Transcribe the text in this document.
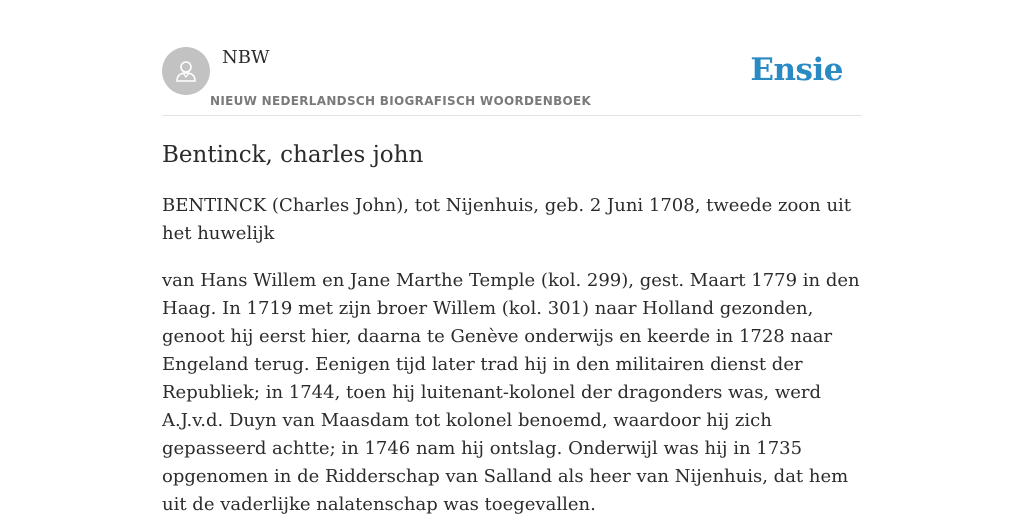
NBW
NIEUW NEDERLANDSCH BIOGRAFISCH WOORDENBOEK
Ensie
Bentinck, charles john

BENTINCK (Charles John), tot Nijenhuis, geb. 2 Juni 1708, tweede zoon uit het huwelijk

van Hans Willem en Jane Marthe Temple (kol. 299), gest. Maart 1779 in den Haag. In 1719 met zijn broer Willem (kol. 301) naar Holland gezonden, genoot hij eerst hier, daarna te Genève onderwijs en keerde in 1728 naar Engeland terug. Eenigen tijd later trad hij in den militairen dienst der Republiek; in 1744, toen hij luitenant-kolonel der dragonders was, werd A.J.v.d. Duyn van Maasdam tot kolonel benoemd, waardoor hij zich gepasseerd achtte; in 1746 nam hij ontslag. Onderwijl was hij in 1735 opgenomen in de Ridderschap van Salland als heer van Nijenhuis, dat hem uit de vaderlijke nalatenschap was toegevallen.
